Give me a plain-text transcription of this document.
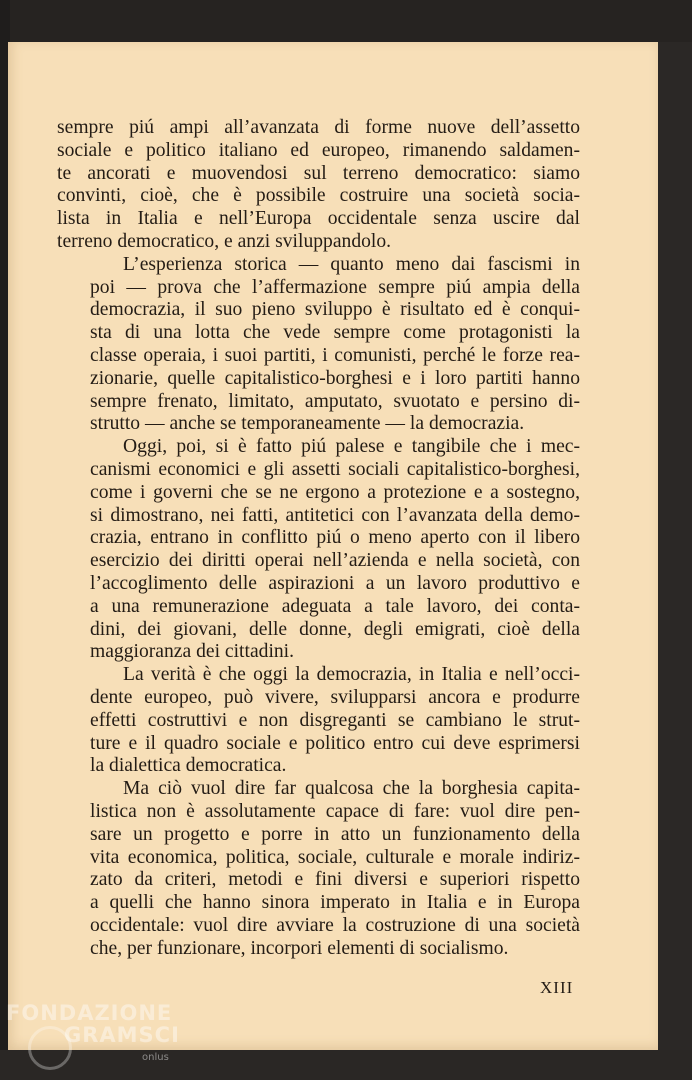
sempre piú ampi all’avanzata di forme nuove dell’assetto
sociale e politico italiano ed europeo, rimanendo saldamen-
te ancorati e muovendosi sul terreno democratico: siamo
convinti, cioè, che è possibile costruire una società socia-
lista in Italia e nell’Europa occidentale senza uscire dal
terreno democratico, e anzi sviluppandolo.

L’esperienza storica — quanto meno dai fascismi in
poi — prova che l’affermazione sempre piú ampia della
democrazia, il suo pieno sviluppo è risultato ed è conqui-
sta di una lotta che vede sempre come protagonisti la
classe operaia, i suoi partiti, i comunisti, perché le forze rea-
zionarie, quelle capitalistico-borghesi e i loro partiti hanno
sempre frenato, limitato, amputato, svuotato e persino di-
strutto — anche se temporaneamente — la democrazia.

Oggi, poi, si è fatto piú palese e tangibile che i mec-
canismi economici e gli assetti sociali capitalistico-borghesi,
come i governi che se ne ergono a protezione e a sostegno,
si dimostrano, nei fatti, antitetici con l’avanzata della demo-
crazia, entrano in conflitto piú o meno aperto con il libero
esercizio dei diritti operai nell’azienda e nella società, con
l’accoglimento delle aspirazioni a un lavoro produttivo e
a una remunerazione adeguata a tale lavoro, dei conta-
dini, dei giovani, delle donne, degli emigrati, cioè della
maggioranza dei cittadini.

La verità è che oggi la democrazia, in Italia e nell’occi-
dente europeo, può vivere, svilupparsi ancora e produrre
effetti costruttivi e non disgreganti se cambiano le strut-
ture e il quadro sociale e politico entro cui deve esprimersi
la dialettica democratica.

Ma ciò vuol dire far qualcosa che la borghesia capita-
listica non è assolutamente capace di fare: vuol dire pen-
sare un progetto e porre in atto un funzionamento della
vita economica, politica, sociale, culturale e morale indiriz-
zato da criteri, metodi e fini diversi e superiori rispetto
a quelli che hanno sinora imperato in Italia e in Europa
occidentale: vuol dire avviare la costruzione di una società
che, per funzionare, incorpori elementi di socialismo.

XIII
FONDAZIONE
GRAMSCI
onlus
